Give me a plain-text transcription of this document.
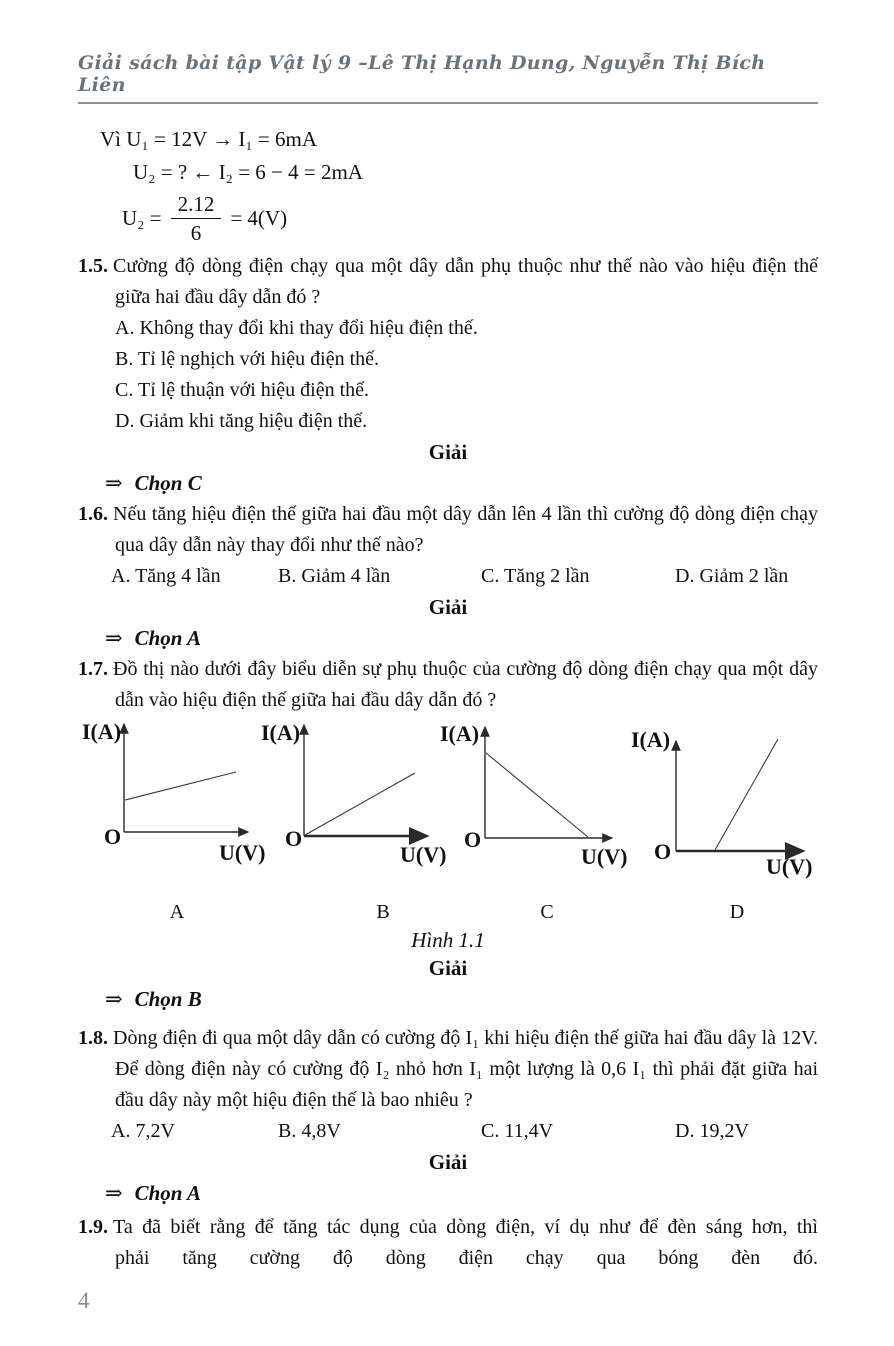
Giải sách bài tập Vật lý 9 –Lê Thị Hạnh Dung, Nguyễn Thị Bích Liên
Vì U₁ = 12V → I₁ = 6mA
U₂ = ? ← I₂ = 6 − 4 = 2mA
$U_2 = \frac{2.12}{6} = 4(V)$

1.5. Cường độ dòng điện chạy qua một dây dẫn phụ thuộc như thế nào vào hiệu điện thế giữa hai đầu dây dẫn đó ?

A. Không thay đổi khi thay đổi hiệu điện thế.
B. Tỉ lệ nghịch với hiệu điện thế.
C. Tỉ lệ thuận với hiệu điện thế.
D. Giảm khi tăng hiệu điện thế.
Giải
⇒ Chọn C

1.6. Nếu tăng hiệu điện thế giữa hai đầu một dây dẫn lên 4 lần thì cường độ dòng điện chạy qua dây dẫn này thay đổi như thế nào?

A. Tăng 4 lần	B. Giảm 4 lần	C. Tăng 2 lần	D. Giảm 2 lần
Giải
⇒ Chọn A

1.7. Đồ thị nào dưới đây biểu diễn sự phụ thuộc của cường độ dòng điện chạy qua một dây dẫn vào hiệu điện thế giữa hai đầu dây dẫn đó ?

I(A)
O
U(V)
I(A)
O
U(V)
I(A)
O
U(V)
I(A)
O
U(V)
A	B	C	D
Hình 1.1
Giải
⇒ Chọn B

1.8. Dòng điện đi qua một dây dẫn có cường độ I₁ khi hiệu điện thế giữa hai đầu dây là 12V. Để dòng điện này có cường độ I₂ nhỏ hơn I₁ một lượng là 0,6 I₁ thì phải đặt giữa hai đầu dây này một hiệu điện thế là bao nhiêu ?

A. 7,2V	B. 4,8V	C. 11,4V	D. 19,2V
Giải
⇒ Chọn A

1.9. Ta đã biết rằng để tăng tác dụng của dòng điện, ví dụ như để đèn sáng hơn, thì phải tăng cường độ dòng điện chạy qua bóng đèn đó.

4
